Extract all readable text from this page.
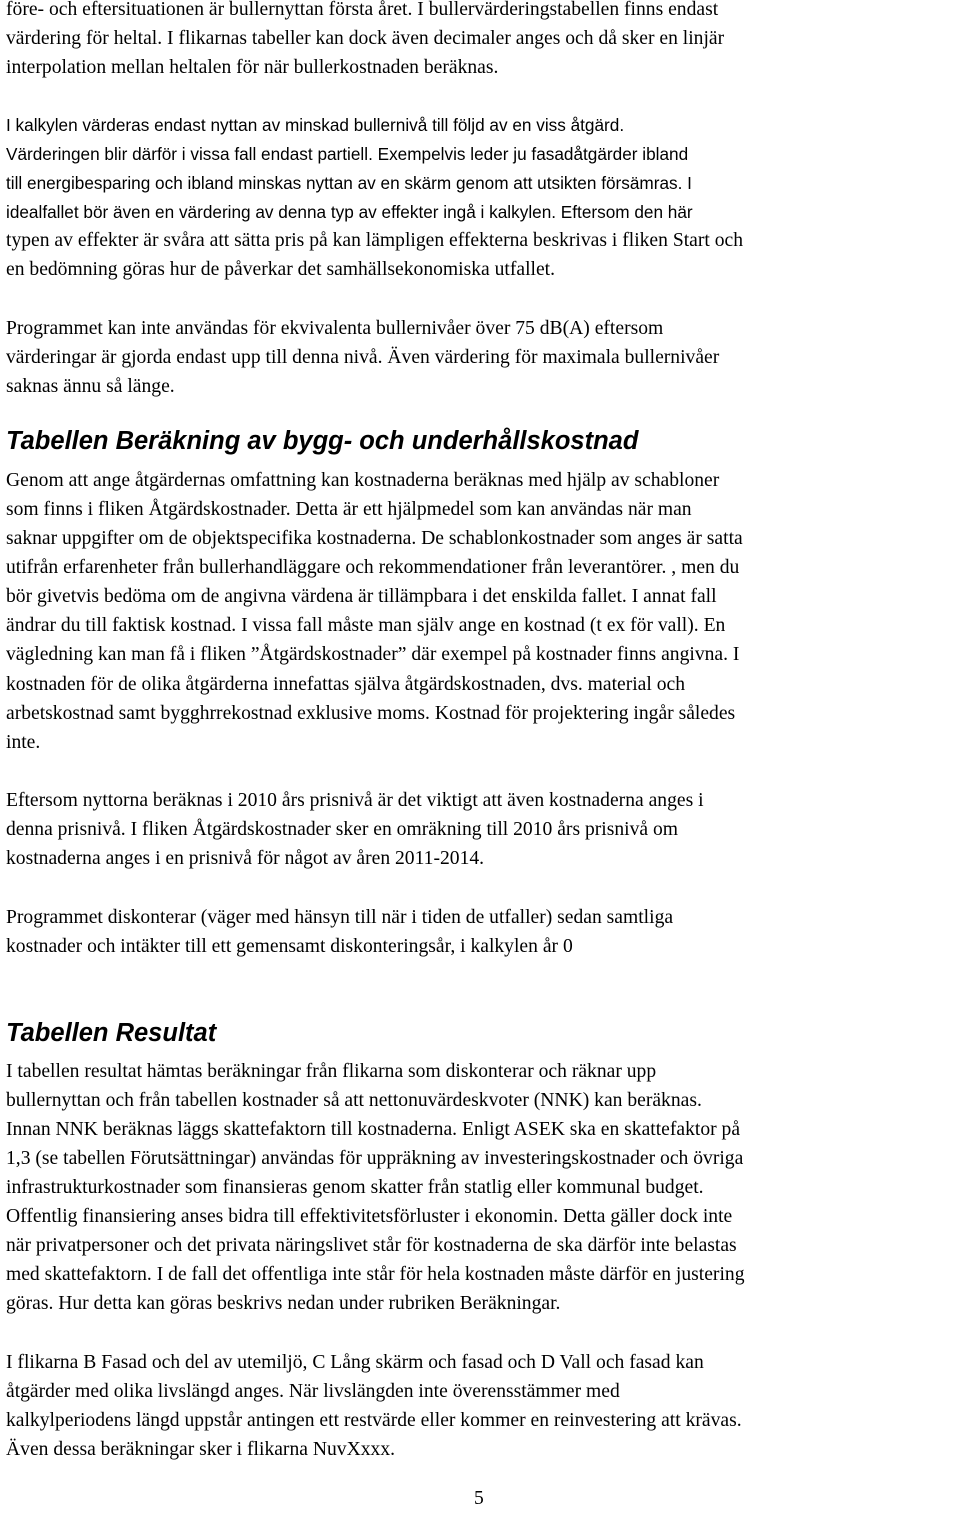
före- och eftersituationen är bullernyttan första året. I bullervärderingstabellen finns endast
värdering för heltal. I flikarnas tabeller kan dock även decimaler anges och då sker en linjär
interpolation mellan heltalen för när bullerkostnaden beräknas.
I kalkylen värderas endast nyttan av minskad bullernivå till följd av en viss åtgärd.
Värderingen blir därför i vissa fall endast partiell. Exempelvis leder ju fasadåtgärder ibland
till energibesparing och ibland minskas nyttan av en skärm genom att utsikten försämras. I
idealfallet bör även en värdering av denna typ av effekter ingå i kalkylen. Eftersom den här
typen av effekter är svåra att sätta pris på kan lämpligen effekterna beskrivas i fliken Start och
en bedömning göras hur de påverkar det samhällsekonomiska utfallet.
Programmet kan inte användas för ekvivalenta bullernivåer över 75 dB(A) eftersom
värderingar är gjorda endast upp till denna nivå. Även värdering för maximala bullernivåer
saknas ännu så länge.
Tabellen Beräkning av bygg- och underhållskostnad
Genom att ange åtgärdernas omfattning kan kostnaderna beräknas med hjälp av schabloner
som finns i fliken Åtgärdskostnader. Detta är ett hjälpmedel som kan användas när man
saknar uppgifter om de objektspecifika kostnaderna. De schablonkostnader som anges är satta
utifrån erfarenheter från bullerhandläggare och rekommendationer från leverantörer. , men du
bör givetvis bedöma om de angivna värdena är tillämpbara i det enskilda fallet. I annat fall
ändrar du till faktisk kostnad. I vissa fall måste man själv ange en kostnad (t ex för vall). En
vägledning kan man få i fliken ”Åtgärdskostnader” där exempel på kostnader finns angivna. I
kostnaden för de olika åtgärderna innefattas själva åtgärdskostnaden, dvs. material och
arbetskostnad samt bygghrrekostnad exklusive moms. Kostnad för projektering ingår således
inte.
Eftersom nyttorna beräknas i 2010 års prisnivå är det viktigt att även kostnaderna anges i
denna prisnivå. I fliken Åtgärdskostnader sker en omräkning till 2010 års prisnivå om
kostnaderna anges i en prisnivå för något av åren 2011-2014.
Programmet diskonterar (väger med hänsyn till när i tiden de utfaller) sedan samtliga
kostnader och intäkter till ett gemensamt diskonteringsår, i kalkylen år 0
Tabellen Resultat
I tabellen resultat hämtas beräkningar från flikarna som diskonterar och räknar upp
bullernyttan och från tabellen kostnader så att nettonuvärdeskvoter (NNK) kan beräknas.
Innan NNK beräknas läggs skattefaktorn till kostnaderna. Enligt ASEK ska en skattefaktor på
1,3 (se tabellen Förutsättningar) användas för uppräkning av investeringskostnader och övriga
infrastrukturkostnader som finansieras genom skatter från statlig eller kommunal budget.
Offentlig finansiering anses bidra till effektivitetsförluster i ekonomin. Detta gäller dock inte
när privatpersoner och det privata näringslivet står för kostnaderna de ska därför inte belastas
med skattefaktorn. I de fall det offentliga inte står för hela kostnaden måste därför en justering
göras. Hur detta kan göras beskrivs nedan under rubriken Beräkningar.
I flikarna B Fasad och del av utemiljö, C Lång skärm och fasad och D Vall och fasad kan
åtgärder med olika livslängd anges. När livslängden inte överensstämmer med
kalkylperiodens längd uppstår antingen ett restvärde eller kommer en reinvestering att krävas.
Även dessa beräkningar sker i flikarna NuvXxxx.
5
